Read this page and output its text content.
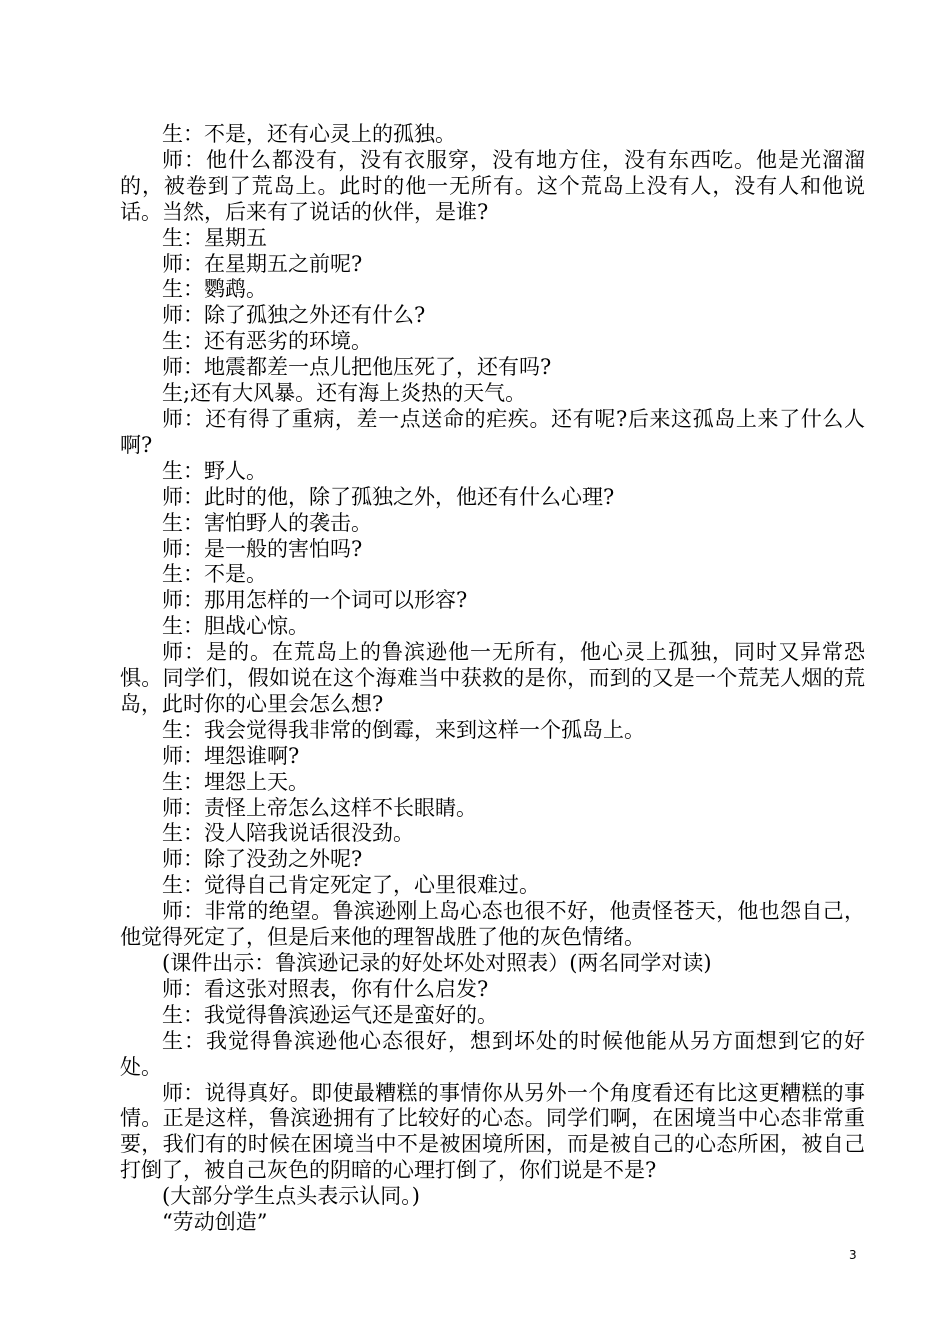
生：不是，还有心灵上的孤独。

师：他什么都没有，没有衣服穿，没有地方住，没有东西吃。他是光溜溜的，被卷到了荒岛上。此时的他一无所有。这个荒岛上没有人，没有人和他说话。当然，后来有了说话的伙伴，是谁?

生：星期五

师：在星期五之前呢?

生：鹦鹉。

师：除了孤独之外还有什么?

生：还有恶劣的环境。

师：地震都差一点儿把他压死了，还有吗?

生;还有大风暴。还有海上炎热的天气。

师：还有得了重病，差一点送命的疟疾。还有呢?后来这孤岛上来了什么人啊?

生：野人。

师：此时的他，除了孤独之外，他还有什么心理?

生：害怕野人的袭击。

师：是一般的害怕吗?

生：不是。

师：那用怎样的一个词可以形容?

生：胆战心惊。

师：是的。在荒岛上的鲁滨逊他一无所有，他心灵上孤独，同时又异常恐惧。同学们，假如说在这个海难当中获救的是你，而到的又是一个荒芜人烟的荒岛，此时你的心里会怎么想?

生：我会觉得我非常的倒霉，来到这样一个孤岛上。

师：埋怨谁啊?

生：埋怨上天。

师：责怪上帝怎么这样不长眼睛。

生：没人陪我说话很没劲。

师：除了没劲之外呢?

生：觉得自己肯定死定了，心里很难过。

师：非常的绝望。鲁滨逊刚上岛心态也很不好，他责怪苍天，他也怨自己，他觉得死定了，但是后来他的理智战胜了他的灰色情绪。

(课件出示：鲁滨逊记录的好处坏处对照表）(两名同学对读)

师：看这张对照表，你有什么启发?

生：我觉得鲁滨逊运气还是蛮好的。

生：我觉得鲁滨逊他心态很好，想到坏处的时候他能从另方面想到它的好处。

师：说得真好。即使最糟糕的事情你从另外一个角度看还有比这更糟糕的事情。正是这样，鲁滨逊拥有了比较好的心态。同学们啊，在困境当中心态非常重要，我们有的时候在困境当中不是被困境所困，而是被自己的心态所困，被自己打倒了，被自己灰色的阴暗的心理打倒了，你们说是不是?

(大部分学生点头表示认同。)

“劳动创造”

3
